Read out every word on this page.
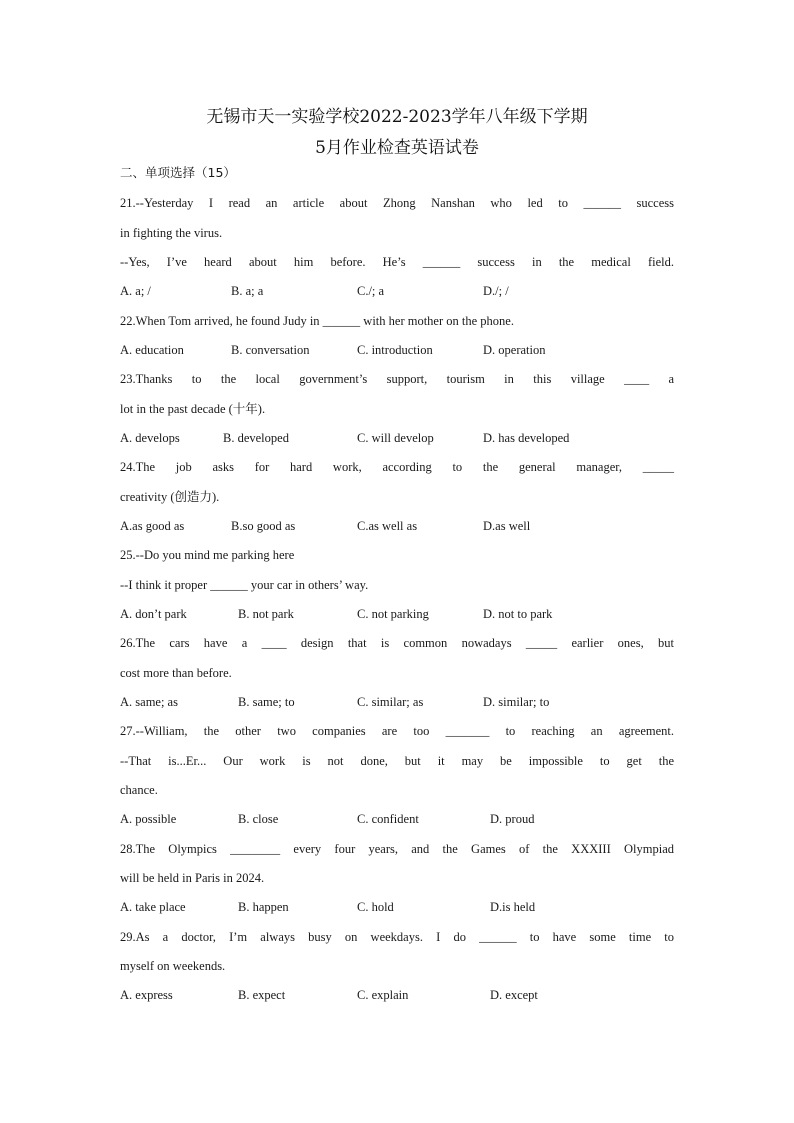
无锡市天一实验学校2022-2023学年八年级下学期
5月作业检查英语试卷
二、单项选择（15）
21.--Yesterday I read an article about Zhong Nanshan who led to ______ success
in fighting the virus.
--Yes, I’ve heard about him before. He’s ______ success in the medical field.
A. a; /	B. a; a	C./; a	D./; /
22.When Tom arrived, he found Judy in ______ with her mother on the phone.
A. education	B. conversation	C. introduction	D. operation
23.Thanks to the local government’s support, tourism in this village ____ a
lot in the past decade (十年).
A. develops	B. developed	C. will develop	D. has developed
24.The job asks for hard work, according to the general manager, _____
creativity (创造力).
A.as good as	B.so good as	C.as well as	D.as well
25.--Do you mind me parking here
--I think it proper ______ your car in others’ way.
A. don’t park	B. not park	C. not parking	D. not to park
26.The cars have a ____ design that is common nowadays _____ earlier ones, but
cost more than before.
A. same; as	B. same; to	C. similar; as	D. similar; to
27.--William, the other two companies are too _______ to reaching an agreement.
--That is...Er... Our work is not done, but it may be impossible to get the
chance.
A. possible	B. close	C. confident	D. proud
28.The Olympics ________ every four years, and the Games of the XXXIII Olympiad
will be held in Paris in 2024.
A. take place	B. happen	C. hold	D.is held
29.As a doctor, I’m always busy on weekdays. I do ______ to have some time to
myself on weekends.
A. express	B. expect	C. explain	D. except
